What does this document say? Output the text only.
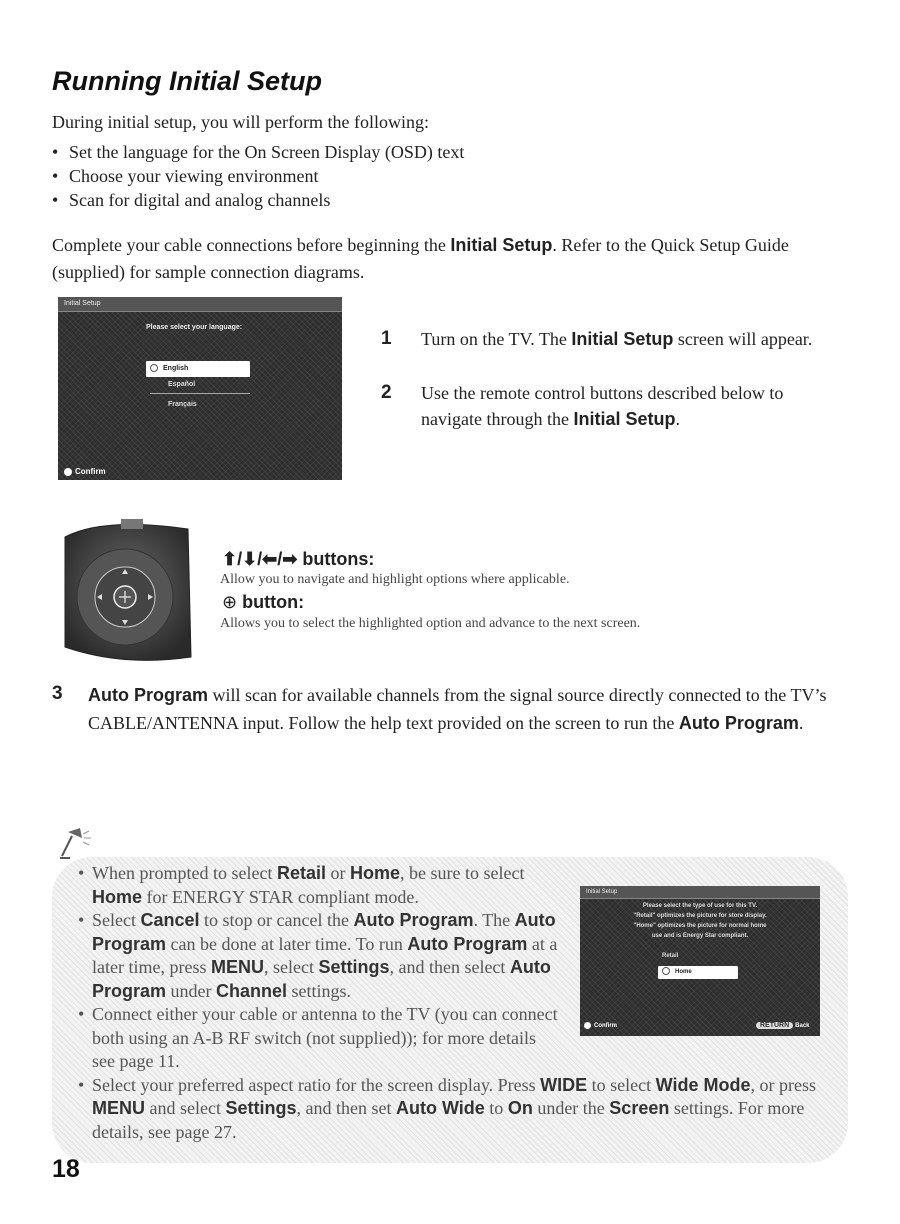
Running Initial Setup

During initial setup, you will perform the following:

• Set the language for the On Screen Display (OSD) text
• Choose your viewing environment
• Scan for digital and analog channels

Complete your cable connections before beginning the Initial Setup. Refer to the Quick Setup Guide (supplied) for sample connection diagrams.

Initial Setup
Please select your language:
English
Español
Français
Confirm
1 Turn on the TV. The Initial Setup screen will appear.

2 Use the remote control buttons described below to navigate through the Initial Setup.

⬆/⬇/⬅/➡ buttons:

Allow you to navigate and highlight options where applicable.

⊕ button:

Allows you to select the highlighted option and advance to the next screen.

3 Auto Program will scan for available channels from the signal source directly connected to the TV’s CABLE/ANTENNA input. Follow the help text provided on the screen to run the Auto Program.

• When prompted to select Retail or Home, be sure to select
Home for ENERGY STAR compliant mode.
• Select Cancel to stop or cancel the Auto Program. The Auto Program can be done at later time. To run Auto Program at a later time, press MENU, select Settings, and then select Auto Program under Channel settings.
• Connect either your cable or antenna to the TV (you can connect both using an A-B RF switch (not supplied)); for more details see page 11.
• Select your preferred aspect ratio for the screen display. Press WIDE to select Wide Mode, or press MENU and select Settings, and then set Auto Wide to On under the Screen settings. For more details, see page 27.
Initial Setup
Please select the type of use for this TV.
"Retail" optimizes the picture for store display.
"Home" optimizes the picture for normal home
use and is Energy Star compliant.
Retail
Home
Confirm	RETURN Back

18
